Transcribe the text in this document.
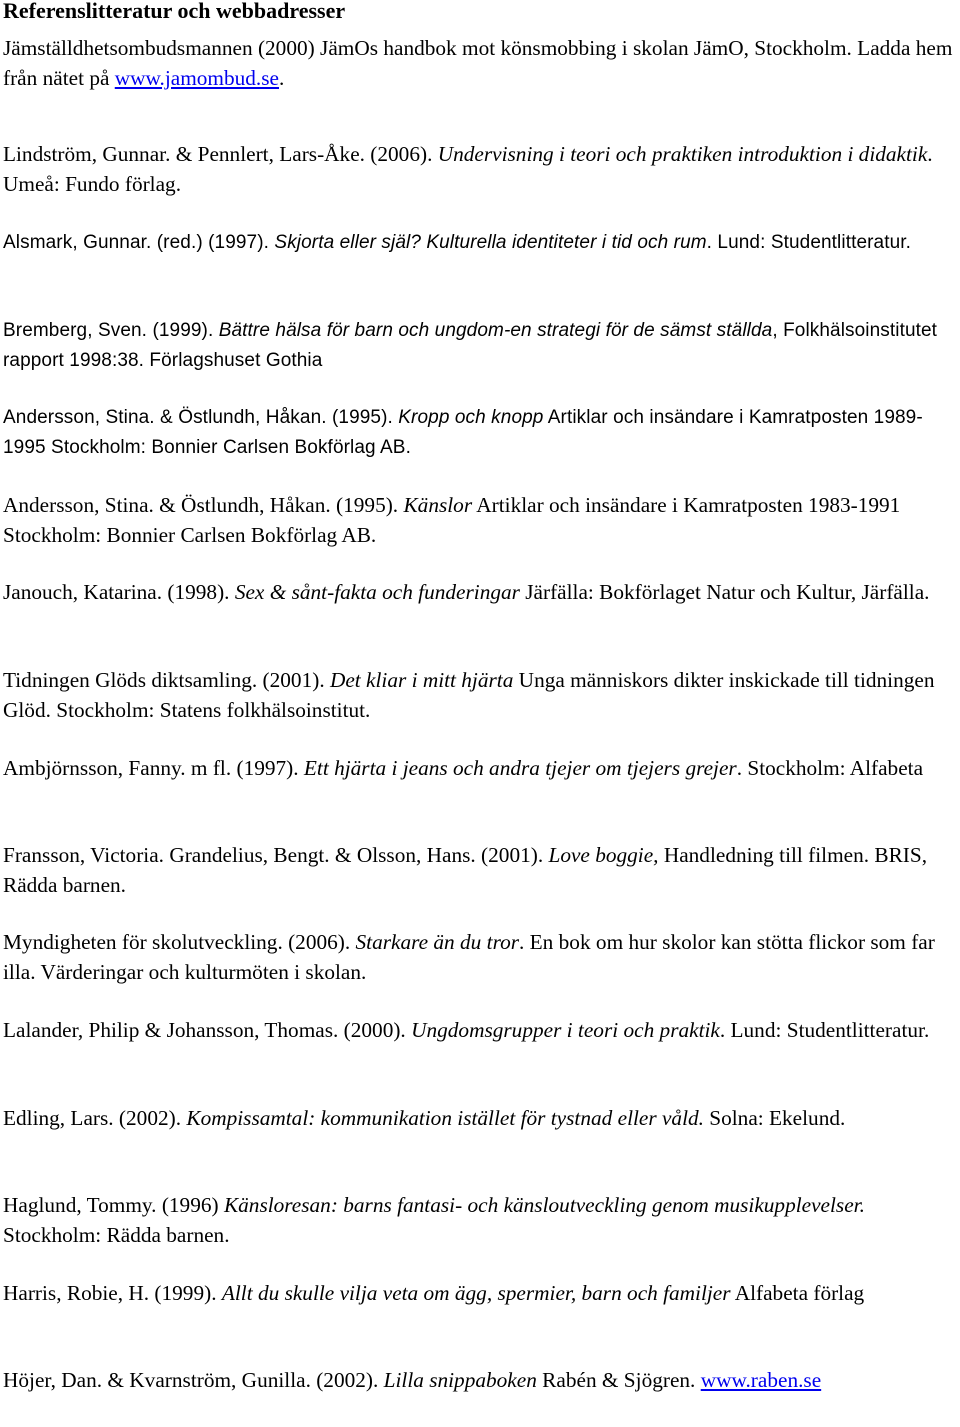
Referenslitteratur och webbadresser
Jämställdhetsombudsmannen (2000) JämOs handbok mot könsmobbing i skolan JämO, Stockholm. Ladda hem från nätet på www.jamombud.se.
Lindström, Gunnar. & Pennlert, Lars-Åke. (2006). Undervisning i teori och praktiken introduktion i didaktik. Umeå: Fundo förlag.
Alsmark, Gunnar. (red.) (1997). Skjorta eller själ? Kulturella identiteter i tid och rum. Lund: Studentlitteratur.
Bremberg, Sven. (1999). Bättre hälsa för barn och ungdom-en strategi för de sämst ställda, Folkhälsoinstitutet rapport 1998:38. Förlagshuset Gothia
Andersson, Stina. & Östlundh, Håkan. (1995). Kropp och knopp Artiklar och insändare i Kamratposten 1989-1995 Stockholm: Bonnier Carlsen Bokförlag AB.
Andersson, Stina. & Östlundh, Håkan. (1995). Känslor Artiklar och insändare i Kamratposten 1983-1991 Stockholm: Bonnier Carlsen Bokförlag AB.
Janouch, Katarina. (1998). Sex & sånt-fakta och funderingar Järfälla: Bokförlaget Natur och Kultur, Järfälla.
Tidningen Glöds diktsamling. (2001). Det kliar i mitt hjärta Unga människors dikter inskickade till tidningen Glöd. Stockholm: Statens folkhälsoinstitut.
Ambjörnsson, Fanny. m fl. (1997). Ett hjärta i jeans och andra tjejer om tjejers grejer. Stockholm: Alfabeta
Fransson, Victoria. Grandelius, Bengt. & Olsson, Hans. (2001). Love boggie, Handledning till filmen. BRIS, Rädda barnen.
Myndigheten för skolutveckling. (2006). Starkare än du tror. En bok om hur skolor kan stötta flickor som far illa. Värderingar och kulturmöten i skolan.
Lalander, Philip & Johansson, Thomas. (2000). Ungdomsgrupper i teori och praktik. Lund: Studentlitteratur.
Edling, Lars. (2002). Kompissamtal: kommunikation istället för tystnad eller våld. Solna: Ekelund.
Haglund, Tommy. (1996) Känsloresan: barns fantasi- och känsloutveckling genom musikupplevelser. Stockholm: Rädda barnen.
Harris, Robie, H. (1999). Allt du skulle vilja veta om ägg, spermier, barn och familjer Alfabeta förlag
Höjer, Dan. & Kvarnström, Gunilla. (2002). Lilla snippaboken Rabén & Sjögren. www.raben.se
